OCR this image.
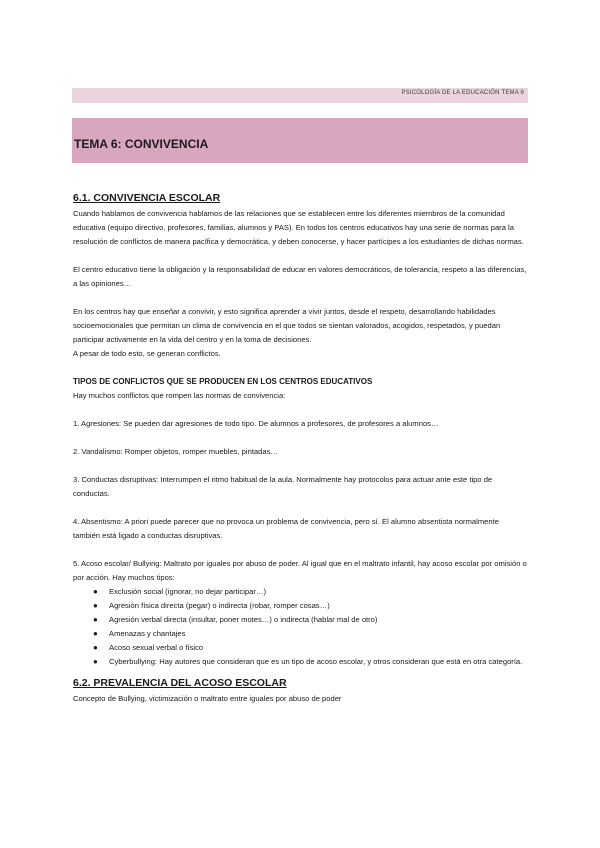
PSICOLOGÍA DE LA EDUCACIÓN TEMA 6
TEMA 6: CONVIVENCIA
6.1. CONVIVENCIA ESCOLAR

Cuando hablamos de convivencia hablamos de las relaciones que se establecen entre los diferentes miembros de la comunidad educativa (equipo directivo, profesores, familias, alumnos y PAS). En todos los centros educativos hay una serie de normas para la resolución de conflictos de manera pacífica y democrática, y deben conocerse, y hacer partícipes a los estudiantes de dichas normas.

El centro educativo tiene la obligación y la responsabilidad de educar en valores democráticos, de tolerancia, respeto a las diferencias, a las opiniones…

En los centros hay que enseñar a convivir, y esto significa aprender a vivir juntos, desde el respeto, desarrollando habilidades socioemocionales que permitan un clima de convivencia en el que todos se sientan valorados, acogidos, respetados, y puedan participar activamente en la vida del centro y en la toma de decisiones.

A pesar de todo esto, se generan conflictos.

TIPOS DE CONFLICTOS QUE SE PRODUCEN EN LOS CENTROS EDUCATIVOS

Hay muchos conflictos que rompen las normas de convivencia:

1. Agresiones: Se pueden dar agresiones de todo tipo. De alumnos a profesores, de profesores a alumnos…

2. Vandalismo: Romper objetos, romper muebles, pintadas…

3. Conductas disruptivas: Interrumpen el ritmo habitual de la aula. Normalmente hay protocolos para actuar ante este tipo de conductas.

4. Absentismo: A priori puede parecer que no provoca un problema de convivencia, pero sí. El alumno absentista normalmente también está ligado a conductas disruptivas.

5. Acoso escolar/ Bullying: Maltrato por iguales por abuso de poder. Al igual que en el maltrato infantil, hay acoso escolar por omisión o por acción. Hay muchos tipos:

● Exclusión social (ignorar, no dejar participar…)
● Agresión física directa (pegar) o indirecta (robar, romper cosas…)
● Agresión verbal directa (insultar, poner motes…) o indirecta (hablar mal de otro)
● Amenazas y chantajes
● Acoso sexual verbal o físico
● Cyberbullying: Hay autores que consideran que es un tipo de acoso escolar, y otros consideran que está en otra categoría.
6.2. PREVALENCIA DEL ACOSO ESCOLAR

Concepto de Bullying, victimización o maltrato entre iguales por abuso de poder
